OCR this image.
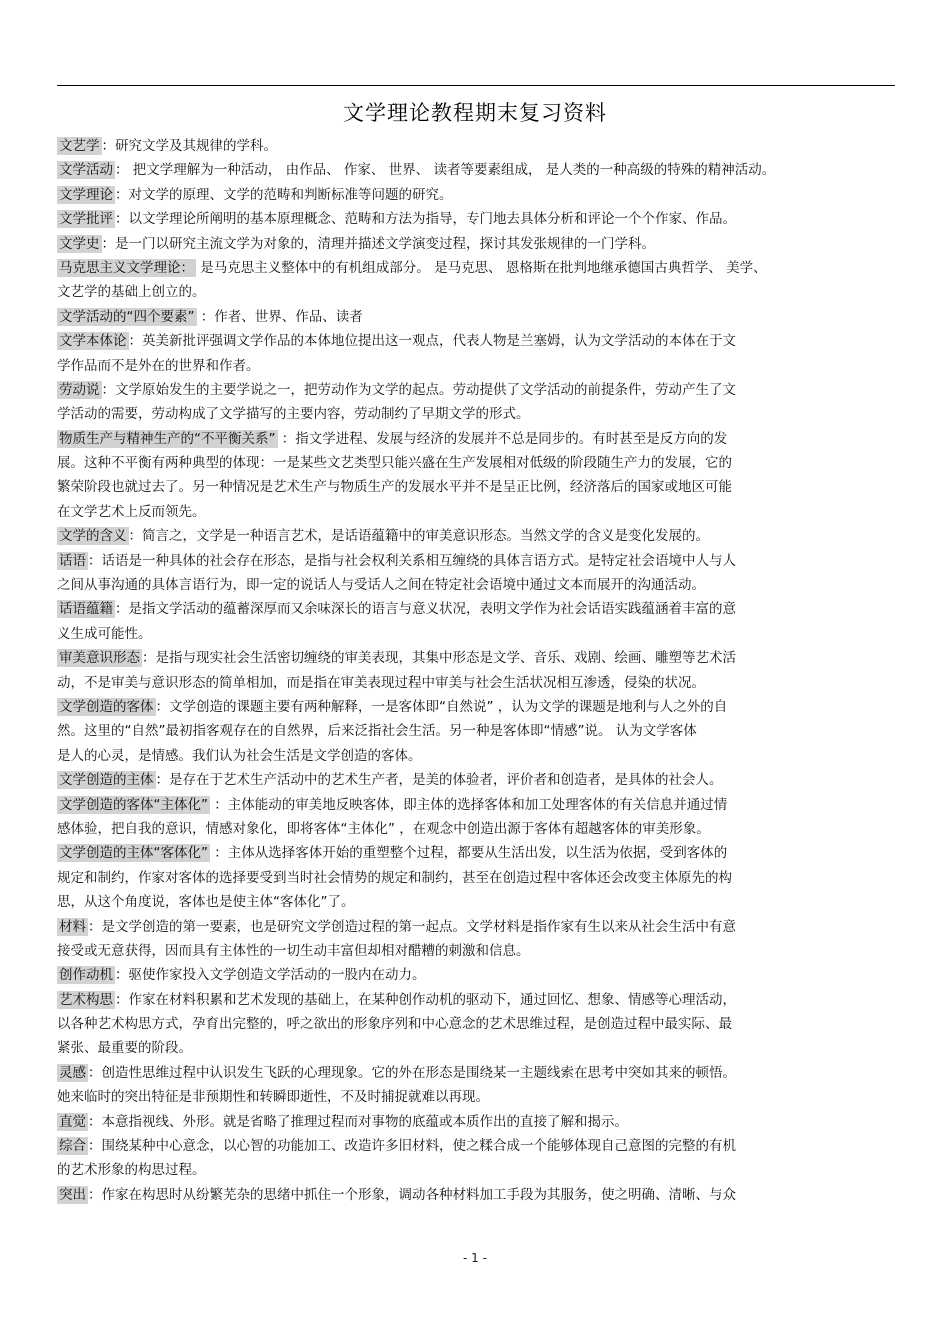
文学理论教程期末复习资料
文艺学 ：研究文学及其规律的学科。
文学活动 ： 把文学理解为一种活动， 由作品、 作家、 世界、 读者等要素组成， 是人类的一种高级的特殊的精神活动。
文学理论 ：对文学的原理、文学的范畴和判断标准等问题的研究。
文学批评 ：以文学理论所阐明的基本原理概念、范畴和方法为指导，专门地去具体分析和评论一个个作家、作品。
文学史 ：是一门以研究主流文学为对象的，清理并描述文学演变过程，探讨其发张规律的一门学科。
马克思主义文学理论： 是马克思主义整体中的有机组成部分。 是马克思、 恩格斯在批判地继承德国古典哲学、 美学、
文艺学的基础上创立的。
文学活动的“四个要素” ：作者、世界、作品、读者
文学本体论 ：英美新批评强调文学作品的本体地位提出这一观点，代表人物是兰塞姆，认为文学活动的本体在于文
学作品而不是外在的世界和作者。
劳动说 ：文学原始发生的主要学说之一，把劳动作为文学的起点。劳动提供了文学活动的前提条件，劳动产生了文
学活动的需要，劳动构成了文学描写的主要内容，劳动制约了早期文学的形式。
物质生产与精神生产的“不平衡关系” ：指文学进程、发展与经济的发展并不总是同步的。有时甚至是反方向的发
展。这种不平衡有两种典型的体现：一是某些文艺类型只能兴盛在生产发展相对低级的阶段随生产力的发展，它的
繁荣阶段也就过去了。另一种情况是艺术生产与物质生产的发展水平并不是呈正比例，经济落后的国家或地区可能
在文学艺术上反而领先。
文学的含义 ：简言之，文学是一种语言艺术，是话语蕴籍中的审美意识形态。当然文学的含义是变化发展的。
话语 ：话语是一种具体的社会存在形态，是指与社会权利关系相互缠绕的具体言语方式。是特定社会语境中人与人
之间从事沟通的具体言语行为，即一定的说话人与受话人之间在特定社会语境中通过文本而展开的沟通活动。
话语蕴籍 ：是指文学活动的蕴蓄深厚而又余味深长的语言与意义状况，表明文学作为社会话语实践蕴涵着丰富的意
义生成可能性。
审美意识形态 ：是指与现实社会生活密切缠绕的审美表现，其集中形态是文学、音乐、戏剧、绘画、雕塑等艺术活
动，不是审美与意识形态的简单相加，而是指在审美表现过程中审美与社会生活状况相互渗透，侵染的状况。
文学创造的客体 ：文学创造的课题主要有两种解释，一是客体即“自然说” ，认为文学的课题是地利与人之外的自
然。这里的“自然”最初指客观存在的自然界，后来泛指社会生活。另一种是客体即“情感”说。 认为文学客体
是人的心灵，是情感。我们认为社会生活是文学创造的客体。
文学创造的主体 ：是存在于艺术生产活动中的艺术生产者，是美的体验者，评价者和创造者，是具体的社会人。
文学创造的客体“主体化” ：主体能动的审美地反映客体，即主体的选择客体和加工处理客体的有关信息并通过情
感体验，把自我的意识，情感对象化，即将客体“主体化” ，在观念中创造出源于客体有超越客体的审美形象。
文学创造的主体“客体化” ：主体从选择客体开始的重塑整个过程，都要从生活出发，以生活为依据，受到客体的
规定和制约，作家对客体的选择要受到当时社会情势的规定和制约，甚至在创造过程中客体还会改变主体原先的构
思，从这个角度说，客体也是使主体“客体化”了。
材料 ：是文学创造的第一要素，也是研究文学创造过程的第一起点。文学材料是指作家有生以来从社会生活中有意
接受或无意获得，因而具有主体性的一切生动丰富但却相对醋糟的刺激和信息。
创作动机 ：驱使作家投入文学创造文学活动的一股内在动力。
艺术构思 ：作家在材料积累和艺术发现的基础上，在某种创作动机的驱动下，通过回忆、想象、情感等心理活动，
以各种艺术构思方式，孕育出完整的，呼之欲出的形象序列和中心意念的艺术思维过程，是创造过程中最实际、最
紧张、最重要的阶段。
灵感 ：创造性思维过程中认识发生飞跃的心理现象。它的外在形态是围绕某一主题线索在思考中突如其来的顿悟。
她来临时的突出特征是非预期性和转瞬即逝性，不及时捕捉就难以再现。
直觉 ：本意指视线、外形。就是省略了推理过程而对事物的底蕴或本质作出的直接了解和揭示。
综合 ：围绕某种中心意念，以心智的功能加工、改造许多旧材料，使之糅合成一个能够体现自己意图的完整的有机
的艺术形象的构思过程。
突出 ：作家在构思时从纷繁芜杂的思绪中抓住一个形象，调动各种材料加工手段为其服务，使之明确、清晰、与众
- 1 -
